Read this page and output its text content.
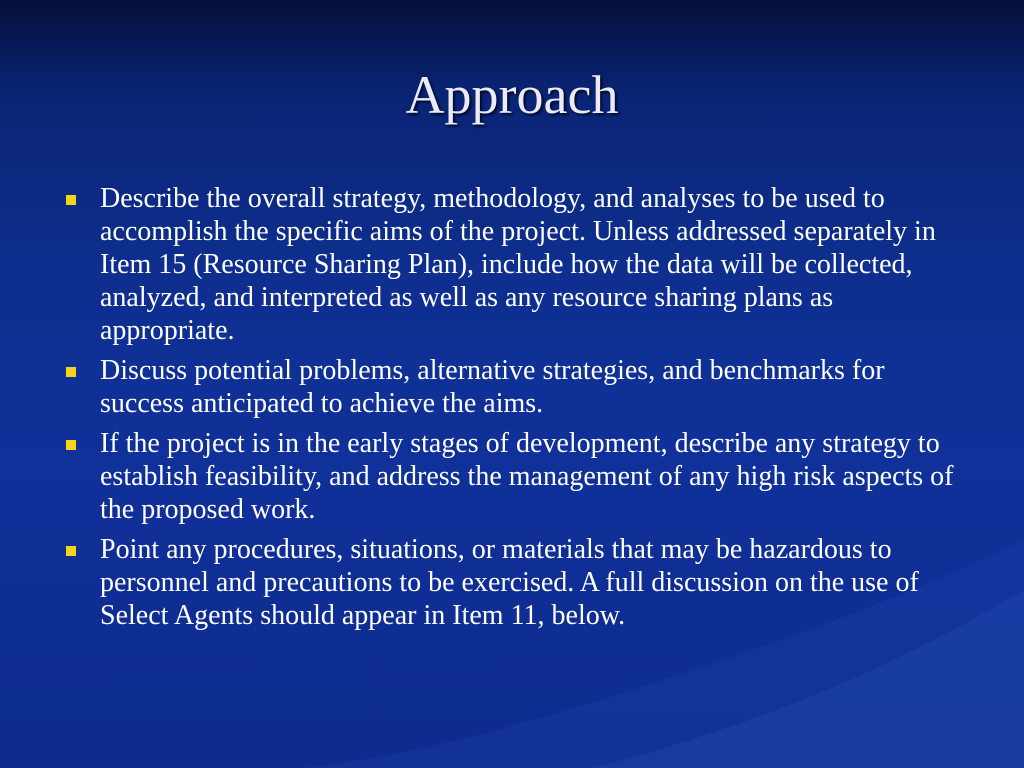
Approach
Describe the overall strategy, methodology, and analyses to be used to accomplish the specific aims of the project. Unless addressed separately in Item 15 (Resource Sharing Plan), include how the data will be collected, analyzed, and interpreted as well as any resource sharing plans as appropriate.
Discuss potential problems, alternative strategies, and benchmarks for success anticipated to achieve the aims.
If the project is in the early stages of development, describe any strategy to establish feasibility, and address the management of any high risk aspects of the proposed work.
Point any procedures, situations, or materials that may be hazardous to personnel and precautions to be exercised. A full discussion on the use of Select Agents should appear in Item 11, below.
